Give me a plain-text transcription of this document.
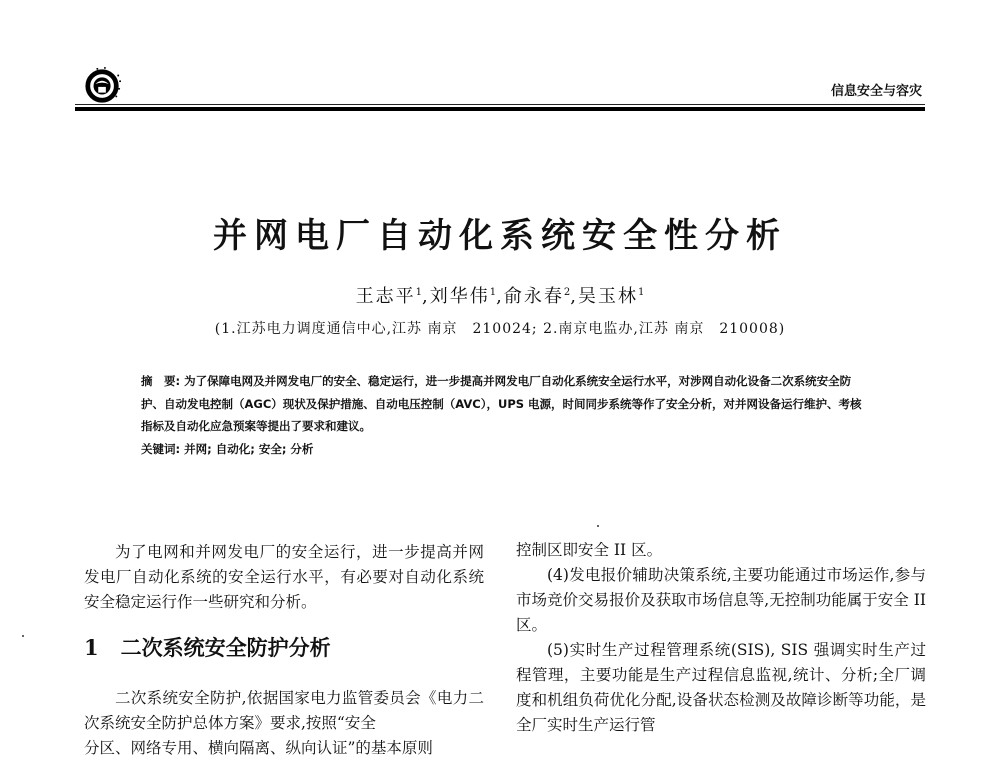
信息安全与容灾
并网电厂自动化系统安全性分析
王志平$^1$,刘华伟$^1$,俞永春$^2$,吴玉林$^1$
(1.江苏电力调度通信中心,江苏 南京　210024; 2.南京电监办,江苏 南京　210008)

摘　要: 为了保障电网及并网发电厂的安全、稳定运行，进一步提高并网发电厂自动化系统安全运行水平，对涉网自动化设备二次系统安全防护、自动发电控制（AGC）现状及保护措施、自动电压控制（AVC），UPS 电源，时间同步系统等作了安全分析，对并网设备运行维护、考核指标及自动化应急预案等提出了要求和建议。

关键词: 并网; 自动化; 安全; 分析

为了电网和并网发电厂的安全运行，进一步提高并网发电厂自动化系统的安全运行水平，有必要对自动化系统安全稳定运行作一些研究和分析。

1 二次系统安全防护分析

二次系统安全防护,依据国家电力监管委员会《电力二次系统安全防护总体方案》要求,按照“安全

分区、网络专用、横向隔离、纵向认证”的基本原则

控制区即安全 II 区。

(4)发电报价辅助决策系统,主要功能通过市场运作,参与市场竞价交易报价及获取市场信息等,无控制功能属于安全 II 区。

(5)实时生产过程管理系统(SIS), SIS 强调实时生产过程管理，主要功能是生产过程信息监视,统计、分析;全厂调度和机组负荷优化分配,设备状态检测及故障诊断等功能，是全厂实时生产运行管
